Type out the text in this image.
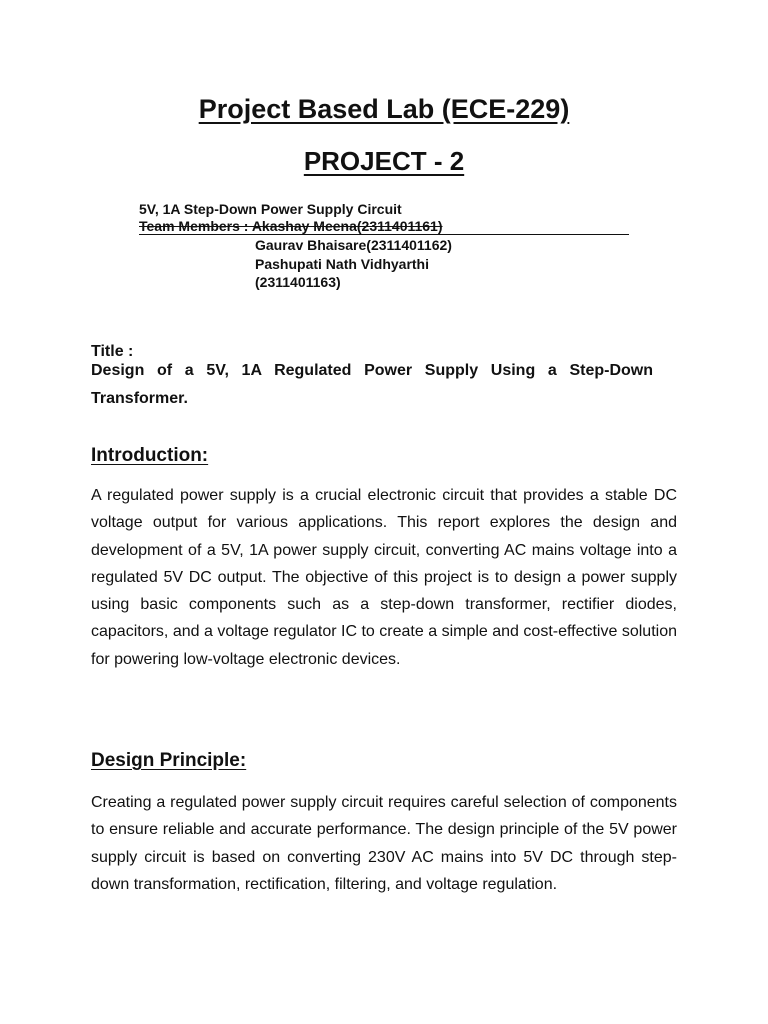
Project Based Lab (ECE-229)
PROJECT - 2
5V, 1A Step-Down Power Supply Circuit
Team Members : Akashay Meena(2311401161)
Gaurav Bhaisare(2311401162)
Pashupati Nath Vidhyarthi
(2311401163)
Title :
Design of a 5V, 1A Regulated Power Supply Using a Step-Down Transformer.
Introduction:
A regulated power supply is a crucial electronic circuit that provides a stable DC voltage output for various applications. This report explores the design and development of a 5V, 1A power supply circuit, converting AC mains voltage into a regulated 5V DC output. The objective of this project is to design a power supply using basic components such as a step-down transformer, rectifier diodes, capacitors, and a voltage regulator IC to create a simple and cost-effective solution for powering low-voltage electronic devices.
Design Principle:
Creating a regulated power supply circuit requires careful selection of components to ensure reliable and accurate performance. The design principle of the 5V power supply circuit is based on converting 230V AC mains into 5V DC through step-down transformation, rectification, filtering, and voltage regulation.
